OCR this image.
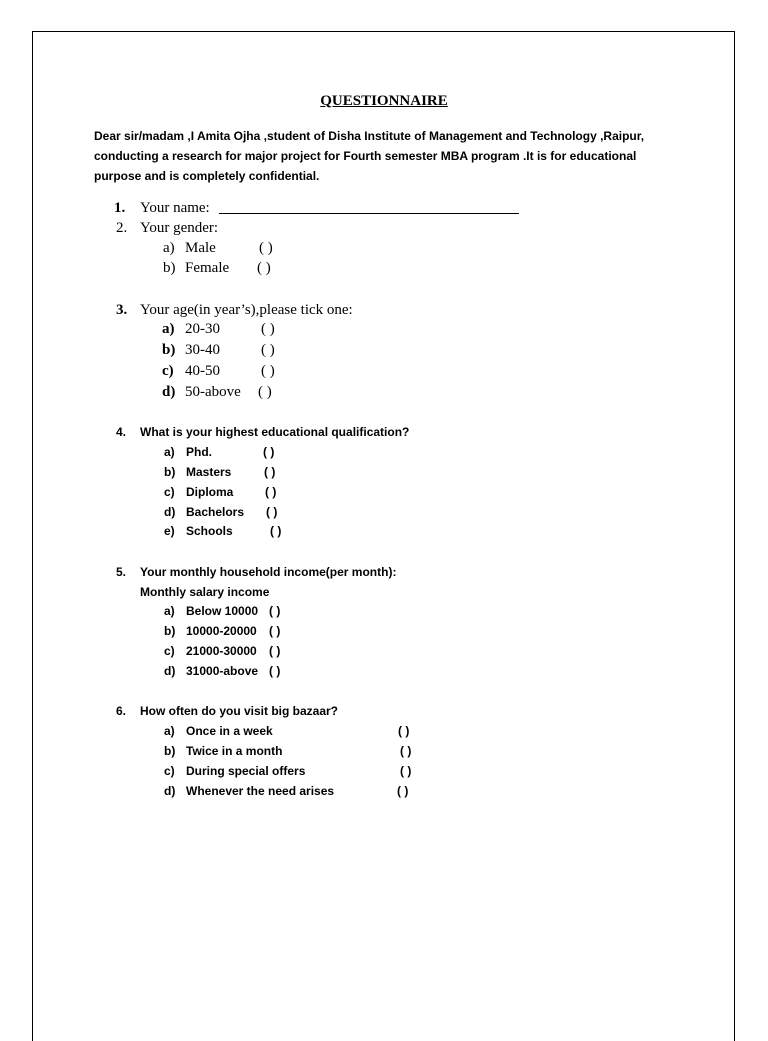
QUESTIONNAIRE
Dear sir/madam ,I Amita Ojha ,student of Disha Institute of Management and Technology ,Raipur, conducting a research for major project for Fourth semester MBA program .It is for educational purpose and is completely confidential.
1. Your name:
2. Your gender:
a) Male	( )
b) Female ( )
3. Your age(in year’s),please tick one:
a) 20-30	( )
b) 30-40	( )
c) 40-50	( )
d) 50-above ( )
4. What is your highest educational qualification?
a) Phd.	( )
b) Masters	( )
c) Diploma	( )
d) Bachelors ( )
e) Schools	( )
5. Your monthly household income(per month):
Monthly salary income
a) Below 10000 ( )
b) 10000-20000 ( )
c) 21000-30000 ( )
d) 31000-above ( )
6. How often do you visit big bazaar?
a) Once in a week	( )
b) Twice in a month	( )
c) During special offers	( )
d) Whenever the need arises	( )
